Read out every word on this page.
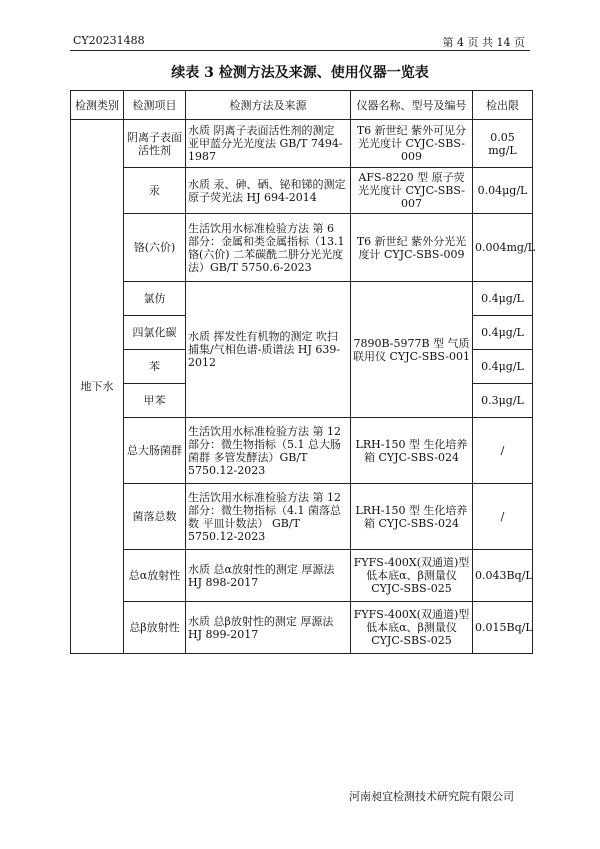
CY20231488	第 4 页 共 14 页
续表 3 检测方法及来源、使用仪器一览表
检测类别	检测项目	检测方法及来源	仪器名称、型号及编号	检出限
地下水	阴离子表面活性剂	水质 阴离子表面活性剂的测定 亚甲蓝分光光度法 GB/T 7494-1987	T6 新世纪 紫外可见分光光度计 CYJC-SBS-009	0.05 mg/L
	汞	水质 汞、砷、硒、铋和锑的测定 原子荧光法 HJ 694-2014	AFS-8220 型 原子荧光光度计 CYJC-SBS-007	0.04μg/L
	铬(六价)	生活饮用水标准检验方法 第 6 部分：金属和类金属指标（13.1 铬(六价) 二苯碳酰二肼分光光度法）GB/T 5750.6-2023	T6 新世纪 紫外分光光度计 CYJC-SBS-009	0.004mg/L
	氯仿	水质 挥发性有机物的测定 吹扫捕集/气相色谱-质谱法 HJ 639-2012	7890B-5977B 型 气质联用仪 CYJC-SBS-001	0.4μg/L
	四氯化碳			0.4μg/L
	苯			0.4μg/L
	甲苯			0.3μg/L
	总大肠菌群	生活饮用水标准检验方法 第 12 部分：微生物指标（5.1 总大肠菌群 多管发酵法）GB/T 5750.12-2023	LRH-150 型 生化培养箱 CYJC-SBS-024	/
	菌落总数	生活饮用水标准检验方法 第 12 部分：微生物指标（4.1 菌落总数 平皿计数法） GB/T 5750.12-2023	LRH-150 型 生化培养箱 CYJC-SBS-024	/
	总α放射性	水质 总α放射性的测定 厚源法 HJ 898-2017	FYFS-400X(双通道)型 低本底α、β测量仪 CYJC-SBS-025	0.043Bq/L
	总β放射性	水质 总β放射性的测定 厚源法 HJ 899-2017	FYFS-400X(双通道)型 低本底α、β测量仪 CYJC-SBS-025	0.015Bq/L
河南昶宜检测技术研究院有限公司
